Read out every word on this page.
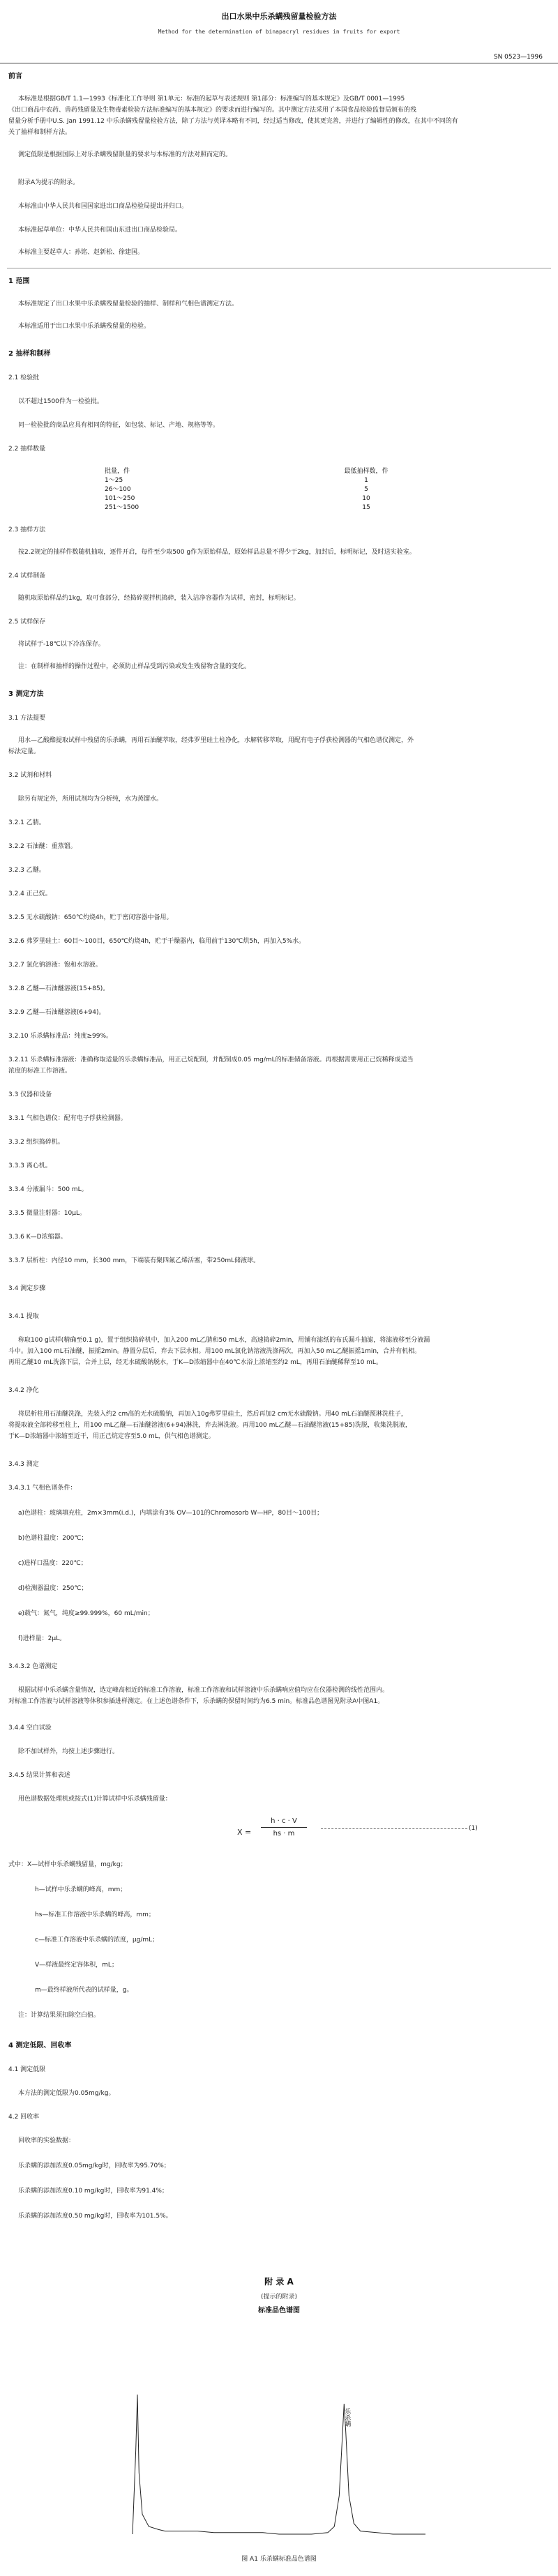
出口水果中乐杀螨残留量检验方法
Method for the determination of binapacryl residues in fruits for export
SN 0523—1996
前言
本标准是根据GB/T 1.1—1993《标准化工作导则 第1单元：标准的起草与表述规则 第1部分：标准编写的基本规定》及GB/T 0001—1995
《出口商品中农药、兽药残留量及生物毒素检验方法标准编写的基本规定》的要求而进行编写的。其中测定方法采用了本国食品检验监督局颁布的残
留量分析手册中U.S. Jan 1991.12 中乐杀螨残留量检验方法，除了方法与英译本略有不同，经过适当修改，使其更完善，并进行了编辑性的修改，在其中不同的有
关了抽样和制样方法。
测定低限是根据国际上对乐杀螨残留限量的要求与本标准的方法对照而定的。
附录A为提示的附录。
本标准由中华人民共和国国家进出口商品检验局提出并归口。
本标准起草单位：中华人民共和国山东进出口商品检验局。
本标准主要起草人：孙铭、赵新松、徐建国。
1 范围
本标准规定了出口水果中乐杀螨残留量检验的抽样、制样和气相色谱测定方法。
本标准适用于出口水果中乐杀螨残留量的检验。
2 抽样和制样
2.1 检验批
以不超过1500件为一检验批。
同一检验批的商品应具有相同的特征，如包装、标记、产地、规格等等。
2.2 抽样数量
批量，件	最低抽样数，件
1～25	1
26～100	5
101～250	10
251～1500	15
2.3 抽样方法
按2.2规定的抽样件数随机抽取，逐件开启，每件至少取500 g作为原始样品，原始样品总量不得少于2kg，加封后，标明标记，及时送实验室。
2.4 试样制备
随机取原始样品约1kg，取可食部分，经捣碎搅拌机捣碎，装入洁净容器作为试样，密封，标明标记。
2.5 试样保存
将试样于-18℃以下冷冻保存。
注：在制样和抽样的操作过程中，必须防止样品受到污染或发生残留物含量的变化。
3 测定方法
3.1 方法提要
用水—乙酸酯提取试样中残留的乐杀螨，再用石油醚萃取，经弗罗里硅土柱净化，水解转移萃取，用配有电子俘获检测器的气相色谱仪测定，外
标法定量。
3.2 试剂和材料
除另有规定外，所用试剂均为分析纯，水为蒸馏水。
3.2.1 乙腈。
3.2.2 石油醚：重蒸馏。
3.2.3 乙醚。
3.2.4 正己烷。
3.2.5 无水硫酸钠：650℃灼烧4h，贮于密闭容器中备用。
3.2.6 弗罗里硅土：60目～100目，650℃灼烧4h，贮于干燥器内，临用前于130℃烘5h，再加入5%水。
3.2.7 氯化钠溶液：饱和水溶液。
3.2.8 乙醚—石油醚溶液(15+85)。
3.2.9 乙醚—石油醚溶液(6+94)。
3.2.10 乐杀螨标准品：纯度≥99%。
3.2.11 乐杀螨标准溶液：准确称取适量的乐杀螨标准品，用正己烷配制，并配制成0.05 mg/mL的标准储备溶液。再根据需要用正己烷稀释成适当
浓度的标准工作溶液。
3.3 仪器和设备
3.3.1 气相色谱仪：配有电子俘获检测器。
3.3.2 组织捣碎机。
3.3.3 离心机。
3.3.4 分液漏斗：500 mL。
3.3.5 微量注射器：10μL。
3.3.6 K—D浓缩器。
3.3.7 层析柱：内径10 mm，长300 mm，下端装有聚四氟乙烯活塞，带250mL储液球。
3.4 测定步骤
3.4.1 提取
称取100 g试样(精确至0.1 g)，置于组织捣碎机中，加入200 mL乙腈和50 mL水，高速捣碎2min，用铺有滤纸的布氏漏斗抽滤，将滤液移至分液漏
斗中。加入100 mL石油醚，振摇2min。静置分层后，弃去下层水相。用100 mL氯化钠溶液洗涤两次，再加入50 mL乙醚振摇1min，合并有机相。
再用乙醚10 mL洗涤下层，合并上层，经无水硫酸钠脱水，于K—D浓缩器中在40℃水浴上浓缩至约2 mL，再用石油醚稀释至10 mL。
3.4.2 净化
将层析柱用石油醚洗涤，先装入约2 cm高的无水硫酸钠，再加入10g弗罗里硅土，然后再加2 cm无水硫酸钠。用40 mL石油醚预淋洗柱子，
将提取液全部转移至柱上，用100 mL乙醚—石油醚溶液(6+94)淋洗，弃去淋洗液。再用100 mL乙醚—石油醚溶液(15+85)洗脱，收集洗脱液，
于K—D浓缩器中浓缩至近干，用正己烷定容至5.0 mL，供气相色谱测定。
3.4.3 测定
3.4.3.1 气相色谱条件：
a)色谱柱：玻璃填充柱，2m×3mm(i.d.)，内填涂有3% OV—101的Chromosorb W—HP，80目～100目；
b)色谱柱温度：200℃；
c)进样口温度：220℃；
d)检测器温度：250℃；
e)载气：氮气，纯度≥99.999%，60 mL/min；
f)进样量：2μL。
3.4.3.2 色谱测定
根据试样中乐杀螨含量情况，选定峰高相近的标准工作溶液，标准工作溶液和试样溶液中乐杀螨响应值均应在仪器检测的线性范围内。
对标准工作溶液与试样溶液等体积参插进样测定。在上述色谱条件下，乐杀螨的保留时间约为6.5 min。标准品色谱图见附录A中图A1。
3.4.4 空白试验
除不加试样外，均按上述步骤进行。
3.4.5 结果计算和表述
用色谱数据处理机或按式(1)计算试样中乐杀螨残留量：
X =
h · c · V
hs · m
(1)
式中：X—试样中乐杀螨残留量，mg/kg；
h—试样中乐杀螨的峰高，mm；
hs—标准工作溶液中乐杀螨的峰高，mm；
c—标准工作溶液中乐杀螨的浓度，μg/mL；
V—样液最终定容体积，mL；
m—最终样液所代表的试样量，g。
注：计算结果须扣除空白值。
4 测定低限、回收率
4.1 测定低限
本方法的测定低限为0.05mg/kg。
4.2 回收率
回收率的实验数据：
乐杀螨的添加浓度0.05mg/kg时，回收率为95.70%；
乐杀螨的添加浓度0.10 mg/kg时，回收率为91.4%；
乐杀螨的添加浓度0.50 mg/kg时，回收率为101.5%。
附 录 A
(提示的附录)
标准品色谱图
乐杀螨
图 A1 乐杀螨标准品色谱图
